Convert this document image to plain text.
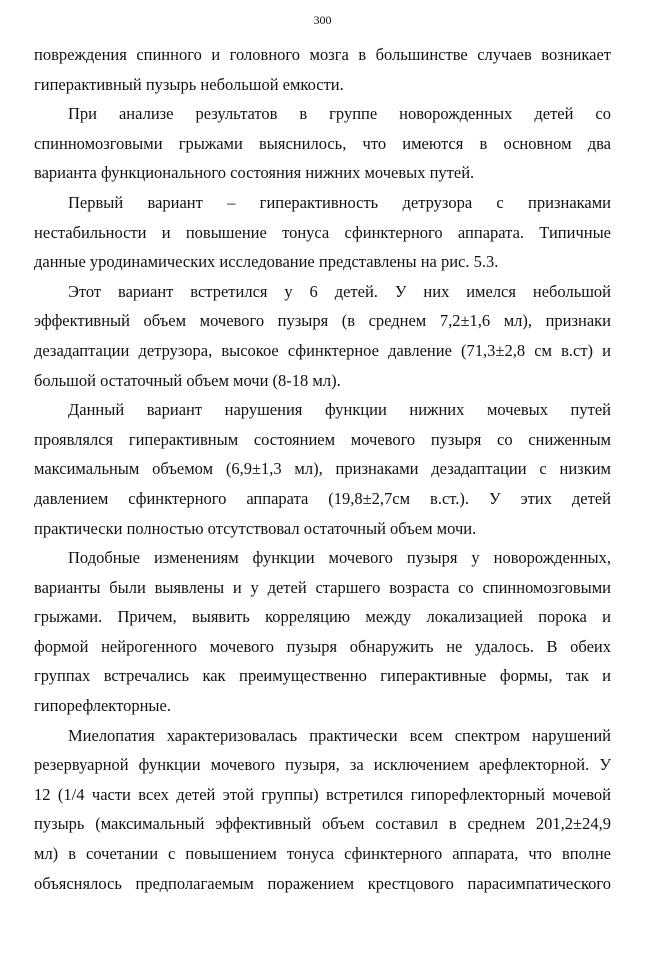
300
повреждения спинного и головного мозга в большинстве случаев возникает
гиперактивный пузырь небольшой емкости.
При анализе результатов в группе новорожденных детей со
спинномозговыми грыжами выяснилось, что имеются в основном два
варианта функционального состояния нижних мочевых путей.
Первый вариант – гиперактивность детрузора с признаками
нестабильности и повышение тонуса сфинктерного аппарата. Типичные
данные уродинамических исследование представлены на рис. 5.3.
Этот вариант встретился у 6 детей. У них имелся небольшой
эффективный объем мочевого пузыря (в среднем 7,2±1,6 мл), признаки
дезадаптации детрузора, высокое сфинктерное давление (71,3±2,8 см в.ст) и
большой остаточный объем мочи (8-18 мл).
Данный вариант нарушения функции нижних мочевых путей
проявлялся гиперактивным состоянием мочевого пузыря со сниженным
максимальным объемом (6,9±1,3 мл), признаками дезадаптации с низким
давлением сфинктерного аппарата (19,8±2,7см в.ст.). У этих детей
практически полностью отсутствовал остаточный объем мочи.
Подобные изменениям функции мочевого пузыря у новорожденных,
варианты были выявлены и у детей старшего возраста со спинномозговыми
грыжами. Причем, выявить корреляцию между локализацией порока и
формой нейрогенного мочевого пузыря обнаружить не удалось. В обеих
группах встречались как преимущественно гиперактивные формы, так и
гипорефлекторные.
Миелопатия характеризовалась практически всем спектром нарушений
резервуарной функции мочевого пузыря, за исключением арефлекторной. У
12 (1/4 части всех детей этой группы) встретился гипорефлекторный мочевой
пузырь (максимальный эффективный объем составил в среднем 201,2±24,9
мл) в сочетании с повышением тонуса сфинктерного аппарата, что вполне
объяснялось предполагаемым поражением крестцового парасимпатического
